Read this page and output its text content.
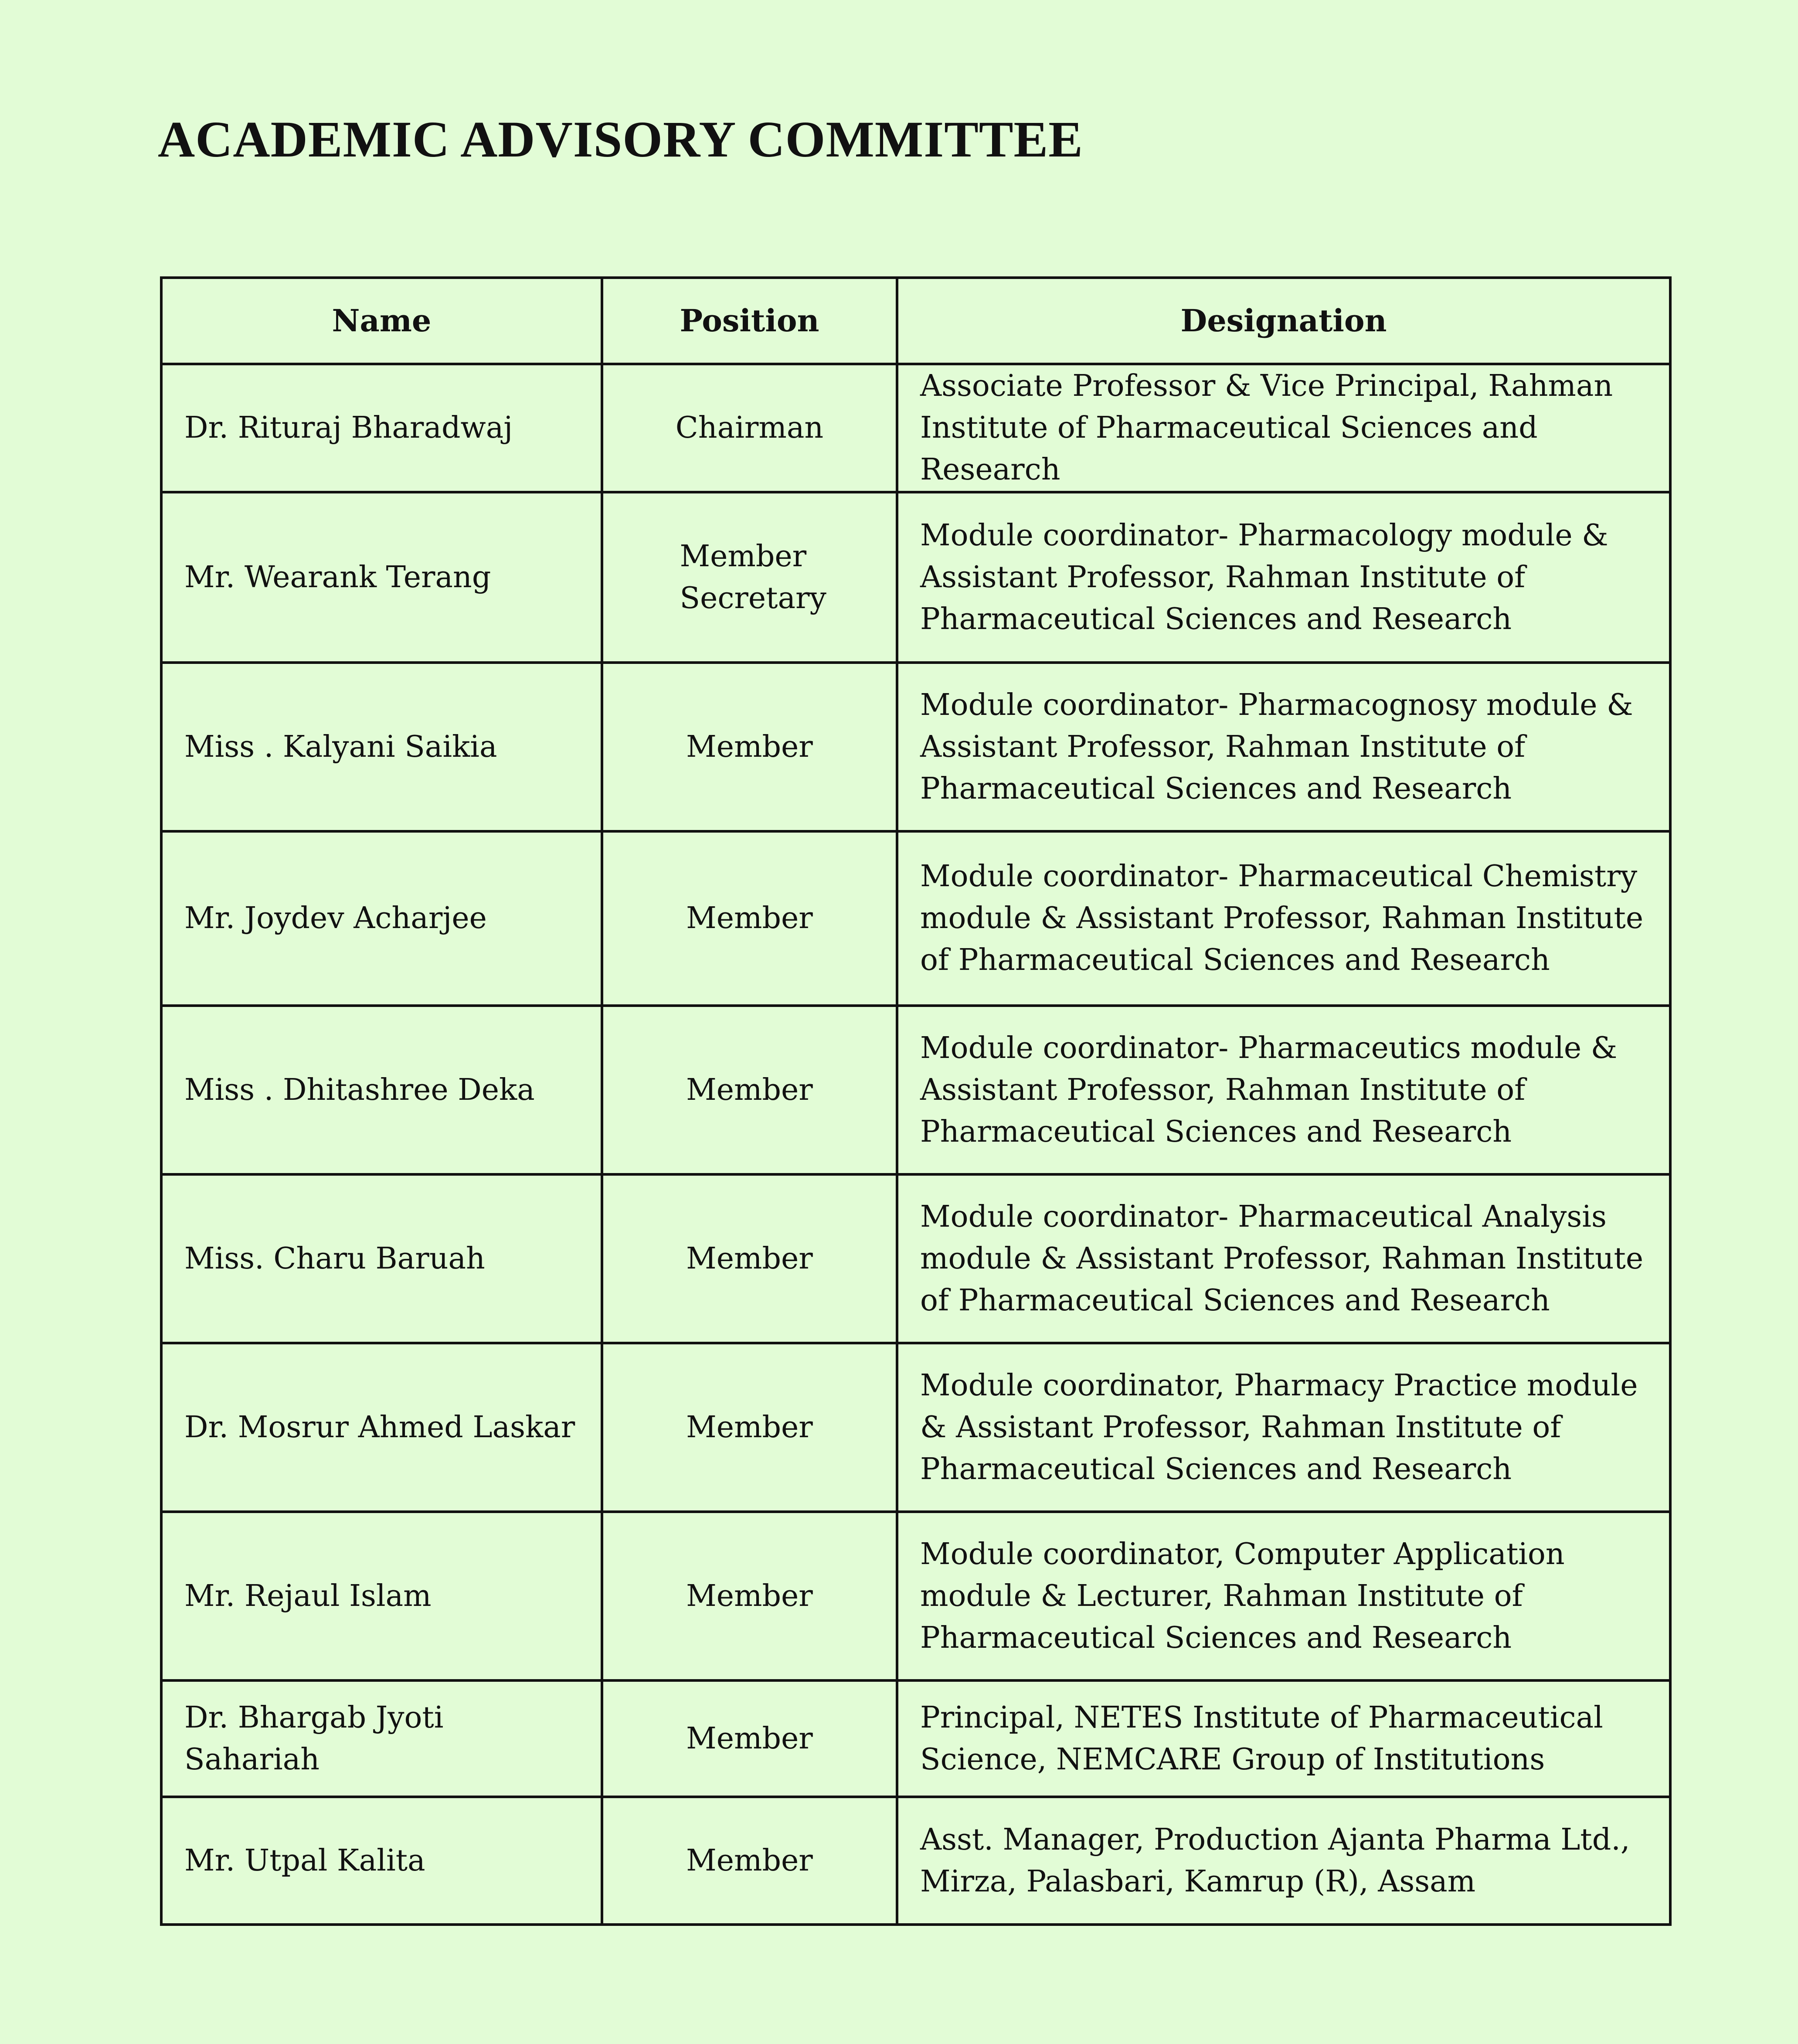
ACADEMIC ADVISORY COMMITTEE
Name	Position	Designation
Dr. Rituraj Bharadwaj	Chairman	Associate Professor & Vice Principal, Rahman Institute of Pharmaceutical Sciences and Research
Mr. Wearank Terang	Member Secretary	Module coordinator- Pharmacology module & Assistant Professor, Rahman Institute of Pharmaceutical Sciences and Research
Miss . Kalyani Saikia	Member	Module coordinator- Pharmacognosy module & Assistant Professor, Rahman Institute of Pharmaceutical Sciences and Research
Mr. Joydev Acharjee	Member	Module coordinator- Pharmaceutical Chemistry module & Assistant Professor, Rahman Institute of Pharmaceutical Sciences and Research
Miss . Dhitashree Deka	Member	Module coordinator- Pharmaceutics module & Assistant Professor, Rahman Institute of Pharmaceutical Sciences and Research
Miss. Charu Baruah	Member	Module coordinator- Pharmaceutical Analysis module & Assistant Professor, Rahman Institute of Pharmaceutical Sciences and Research
Dr. Mosrur Ahmed Laskar	Member	Module coordinator, Pharmacy Practice module & Assistant Professor, Rahman Institute of Pharmaceutical Sciences and Research
Mr. Rejaul Islam	Member	Module coordinator, Computer Application module & Lecturer, Rahman Institute of Pharmaceutical Sciences and Research
Dr. Bhargab Jyoti Sahariah	Member	Principal, NETES Institute of Pharmaceutical Science, NEMCARE Group of Institutions
Mr. Utpal Kalita	Member	Asst. Manager, Production Ajanta Pharma Ltd., Mirza, Palasbari, Kamrup (R), Assam
